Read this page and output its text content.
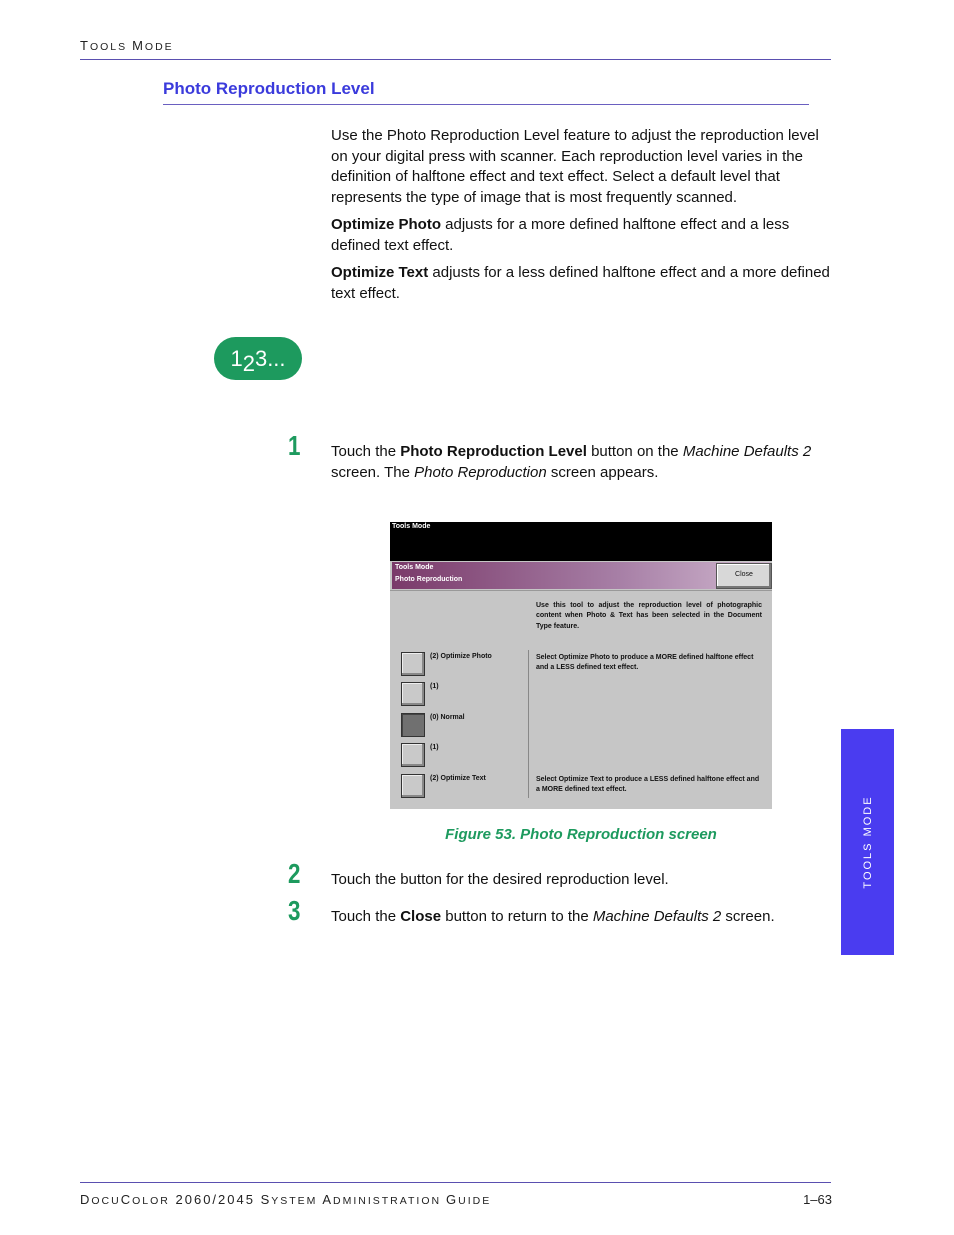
TOOLS MODE
Photo Reproduction Level

Use the Photo Reproduction Level feature to adjust the reproduction level on your digital press with scanner. Each reproduction level varies in the definition of halftone effect and text effect. Select a default level that represents the type of image that is most frequently scanned.

Optimize Photo adjusts for a more defined halftone effect and a less defined text effect.

Optimize Text adjusts for a less defined halftone effect and a more defined text effect.

123...
1 Touch the Photo Reproduction Level button on the Machine Defaults 2 screen. The Photo Reproduction screen appears.
Tools Mode
Tools Mode
Photo Reproduction
Close
Use this tool to adjust the reproduction level of photographic content when Photo & Text has been selected in the Document Type feature.
Select Optimize Photo to produce a MORE defined halftone effect and a LESS defined text effect.
Select Optimize Text to produce a LESS defined halftone effect and a MORE defined text effect.
(2) Optimize Photo
(1)
(0) Normal
(1)
(2) Optimize Text
Figure 53. Photo Reproduction screen
2 Touch the button for the desired reproduction level.
3 Touch the Close button to return to the Machine Defaults 2 screen.
TOOLS MODE
DOCUCOLOR 2060/2045 SYSTEM ADMINISTRATION GUIDE	1–63
